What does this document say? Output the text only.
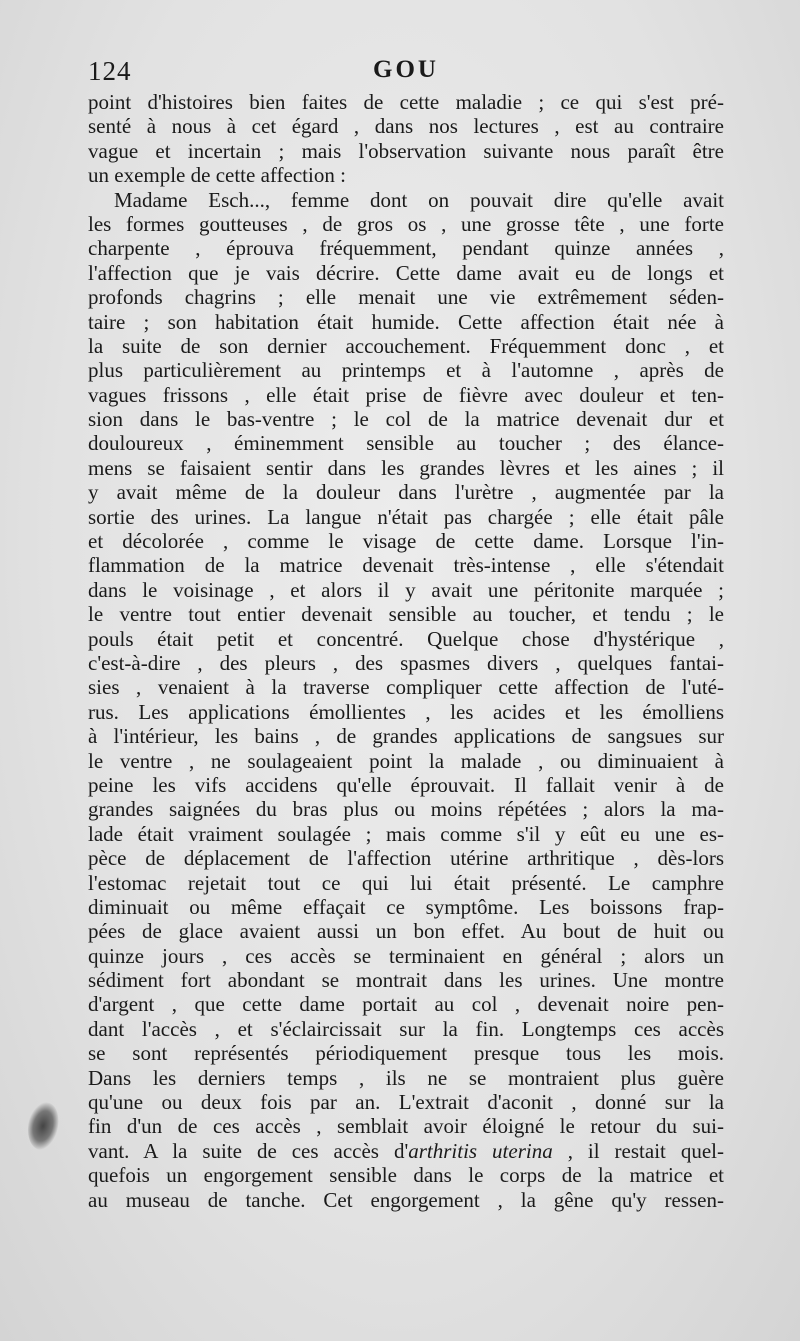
124	GOU
point d'histoires bien faites de cette maladie ; ce qui s'est pré-
senté à nous à cet égard , dans nos lectures , est au contraire
vague et incertain ; mais l'observation suivante nous paraît être
un exemple de cette affection :
Madame Esch..., femme dont on pouvait dire qu'elle avait
les formes goutteuses , de gros os , une grosse tête , une forte
charpente , éprouva fréquemment, pendant quinze années ,
l'affection que je vais décrire. Cette dame avait eu de longs et
profonds chagrins ; elle menait une vie extrêmement séden-
taire ; son habitation était humide. Cette affection était née à
la suite de son dernier accouchement. Fréquemment donc , et
plus particulièrement au printemps et à l'automne , après de
vagues frissons , elle était prise de fièvre avec douleur et ten-
sion dans le bas-ventre ; le col de la matrice devenait dur et
douloureux , éminemment sensible au toucher ; des élance-
mens se faisaient sentir dans les grandes lèvres et les aines ; il
y avait même de la douleur dans l'urètre , augmentée par la
sortie des urines. La langue n'était pas chargée ; elle était pâle
et décolorée , comme le visage de cette dame. Lorsque l'in-
flammation de la matrice devenait très-intense , elle s'étendait
dans le voisinage , et alors il y avait une péritonite marquée ;
le ventre tout entier devenait sensible au toucher, et tendu ; le
pouls était petit et concentré. Quelque chose d'hystérique ,
c'est-à-dire , des pleurs , des spasmes divers , quelques fantai-
sies , venaient à la traverse compliquer cette affection de l'uté-
rus. Les applications émollientes , les acides et les émolliens
à l'intérieur, les bains , de grandes applications de sangsues sur
le ventre , ne soulageaient point la malade , ou diminuaient à
peine les vifs accidens qu'elle éprouvait. Il fallait venir à de
grandes saignées du bras plus ou moins répétées ; alors la ma-
lade était vraiment soulagée ; mais comme s'il y eût eu une es-
pèce de déplacement de l'affection utérine arthritique , dès-lors
l'estomac rejetait tout ce qui lui était présenté. Le camphre
diminuait ou même effaçait ce symptôme. Les boissons frap-
pées de glace avaient aussi un bon effet. Au bout de huit ou
quinze jours , ces accès se terminaient en général ; alors un
sédiment fort abondant se montrait dans les urines. Une montre
d'argent , que cette dame portait au col , devenait noire pen-
dant l'accès , et s'éclaircissait sur la fin. Longtemps ces accès
se sont représentés périodiquement presque tous les mois.
Dans les derniers temps , ils ne se montraient plus guère
qu'une ou deux fois par an. L'extrait d'aconit , donné sur la
fin d'un de ces accès , semblait avoir éloigné le retour du sui-
vant. A la suite de ces accès d'arthritis uterina , il restait quel-
quefois un engorgement sensible dans le corps de la matrice et
au museau de tanche. Cet engorgement , la gêne qu'y ressen-
